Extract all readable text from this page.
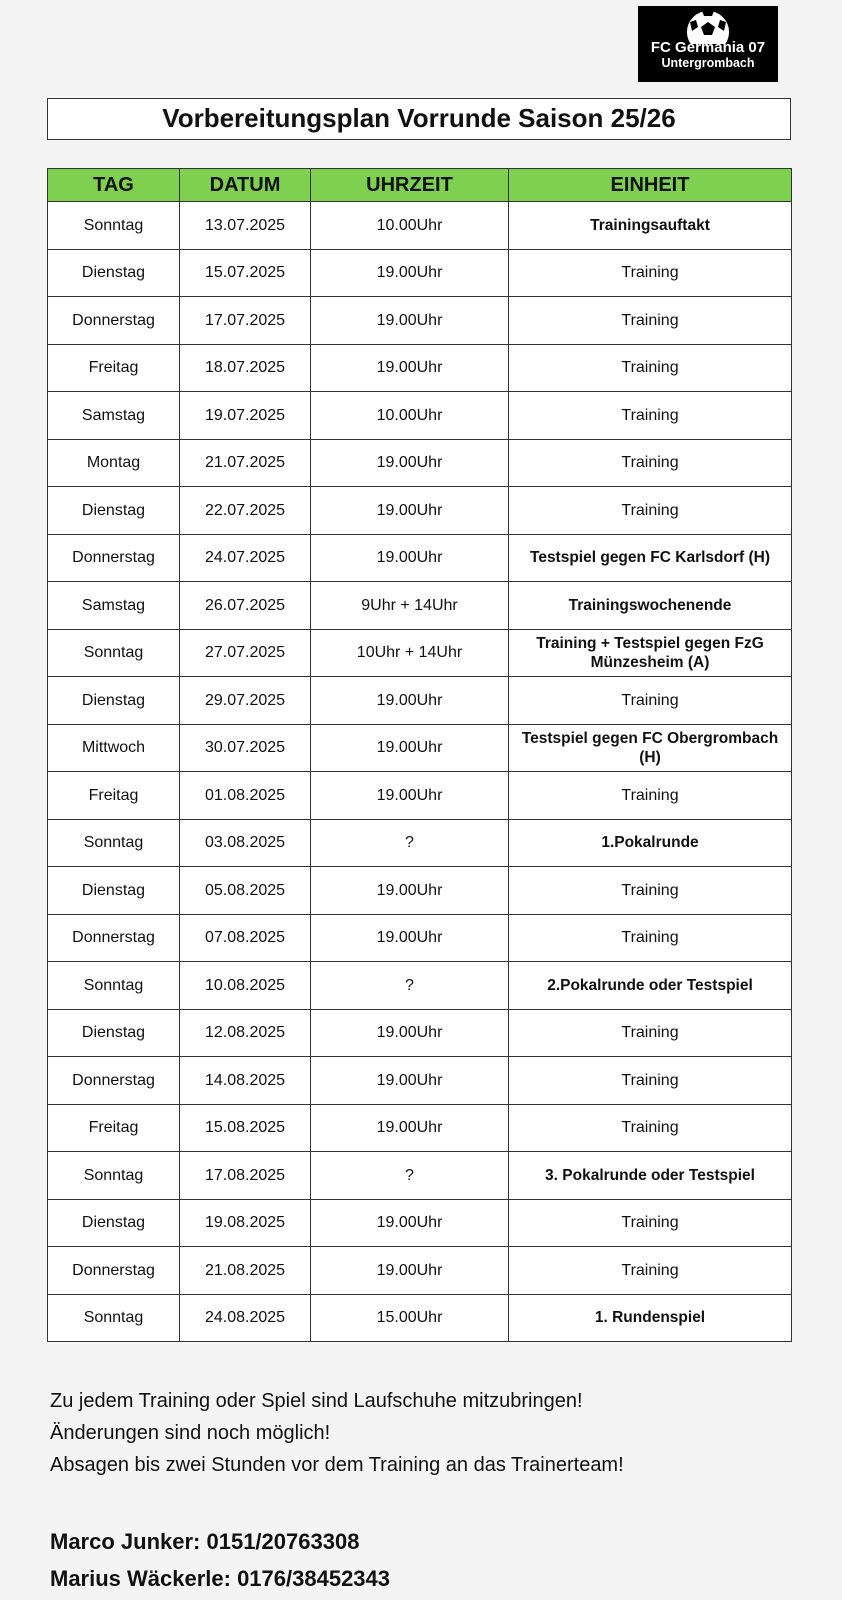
FC Germania 07
Untergrombach
Vorbereitungsplan Vorrunde Saison 25/26
TAG	DATUM	UHRZEIT	EINHEIT
Sonntag	13.07.2025	10.00Uhr	Trainingsauftakt
Dienstag	15.07.2025	19.00Uhr	Training
Donnerstag	17.07.2025	19.00Uhr	Training
Freitag	18.07.2025	19.00Uhr	Training
Samstag	19.07.2025	10.00Uhr	Training
Montag	21.07.2025	19.00Uhr	Training
Dienstag	22.07.2025	19.00Uhr	Training
Donnerstag	24.07.2025	19.00Uhr	Testspiel gegen FC Karlsdorf (H)
Samstag	26.07.2025	9Uhr + 14Uhr	Trainingswochenende
Sonntag	27.07.2025	10Uhr + 14Uhr	Training + Testspiel gegen FzG Münzesheim (A)
Dienstag	29.07.2025	19.00Uhr	Training
Mittwoch	30.07.2025	19.00Uhr	Testspiel gegen FC Obergrombach (H)
Freitag	01.08.2025	19.00Uhr	Training
Sonntag	03.08.2025	?	1.Pokalrunde
Dienstag	05.08.2025	19.00Uhr	Training
Donnerstag	07.08.2025	19.00Uhr	Training
Sonntag	10.08.2025	?	2.Pokalrunde oder Testspiel
Dienstag	12.08.2025	19.00Uhr	Training
Donnerstag	14.08.2025	19.00Uhr	Training
Freitag	15.08.2025	19.00Uhr	Training
Sonntag	17.08.2025	?	3. Pokalrunde oder Testspiel
Dienstag	19.08.2025	19.00Uhr	Training
Donnerstag	21.08.2025	19.00Uhr	Training
Sonntag	24.08.2025	15.00Uhr	1. Rundenspiel
Zu jedem Training oder Spiel sind Laufschuhe mitzubringen!
Änderungen sind noch möglich!
Absagen bis zwei Stunden vor dem Training an das Trainerteam!
Marco Junker: 0151/20763308
Marius Wäckerle: 0176/38452343
